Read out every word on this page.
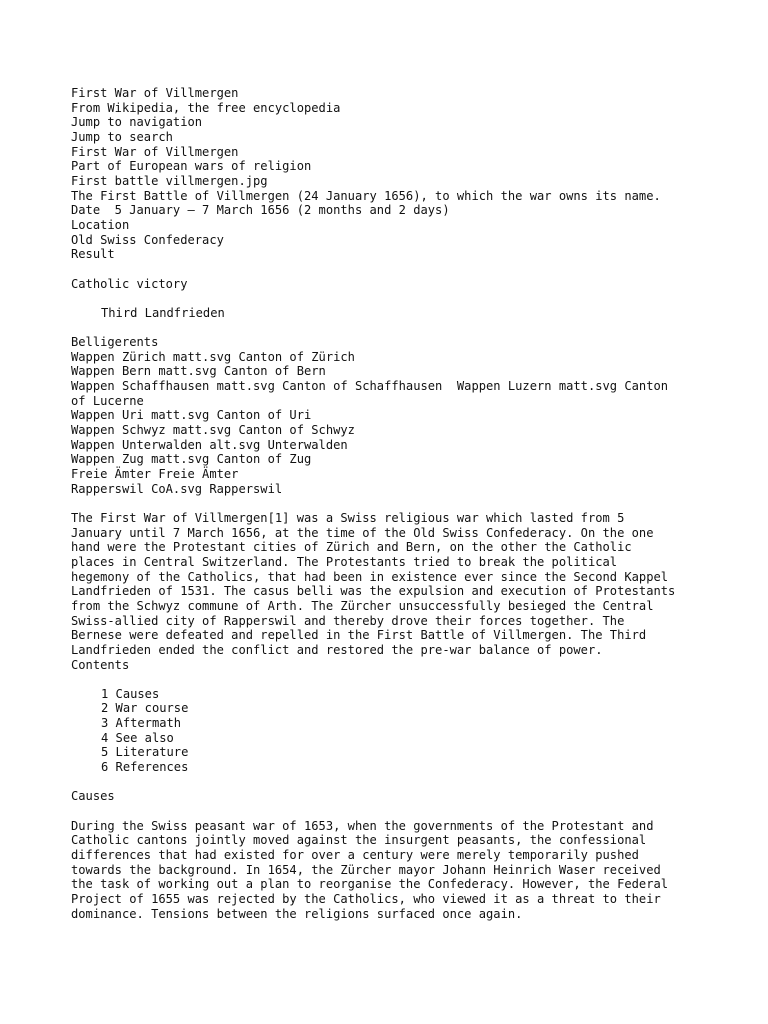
First War of Villmergen
From Wikipedia, the free encyclopedia
Jump to navigation
Jump to search
First War of Villmergen
Part of European wars of religion
First battle villmergen.jpg
The First Battle of Villmergen (24 January 1656), to which the war owns its name.
Date  5 January – 7 March 1656 (2 months and 2 days)
Location
Old Swiss Confederacy
Result
Catholic victory
Third Landfrieden
Belligerents
Wappen Zürich matt.svg Canton of Zürich
Wappen Bern matt.svg Canton of Bern
Wappen Schaffhausen matt.svg Canton of Schaffhausen  Wappen Luzern matt.svg Canton
of Lucerne
Wappen Uri matt.svg Canton of Uri
Wappen Schwyz matt.svg Canton of Schwyz
Wappen Unterwalden alt.svg Unterwalden
Wappen Zug matt.svg Canton of Zug
Freie Ämter Freie Ämter
Rapperswil CoA.svg Rapperswil
The First War of Villmergen[1] was a Swiss religious war which lasted from 5
January until 7 March 1656, at the time of the Old Swiss Confederacy. On the one
hand were the Protestant cities of Zürich and Bern, on the other the Catholic
places in Central Switzerland. The Protestants tried to break the political
hegemony of the Catholics, that had been in existence ever since the Second Kappel
Landfrieden of 1531. The casus belli was the expulsion and execution of Protestants
from the Schwyz commune of Arth. The Zürcher unsuccessfully besieged the Central
Swiss-allied city of Rapperswil and thereby drove their forces together. The
Bernese were defeated and repelled in the First Battle of Villmergen. The Third
Landfrieden ended the conflict and restored the pre-war balance of power.
Contents
1 Causes
2 War course
3 Aftermath
4 See also
5 Literature
6 References
Causes
During the Swiss peasant war of 1653, when the governments of the Protestant and
Catholic cantons jointly moved against the insurgent peasants, the confessional
differences that had existed for over a century were merely temporarily pushed
towards the background. In 1654, the Zürcher mayor Johann Heinrich Waser received
the task of working out a plan to reorganise the Confederacy. However, the Federal
Project of 1655 was rejected by the Catholics, who viewed it as a threat to their
dominance. Tensions between the religions surfaced once again.
